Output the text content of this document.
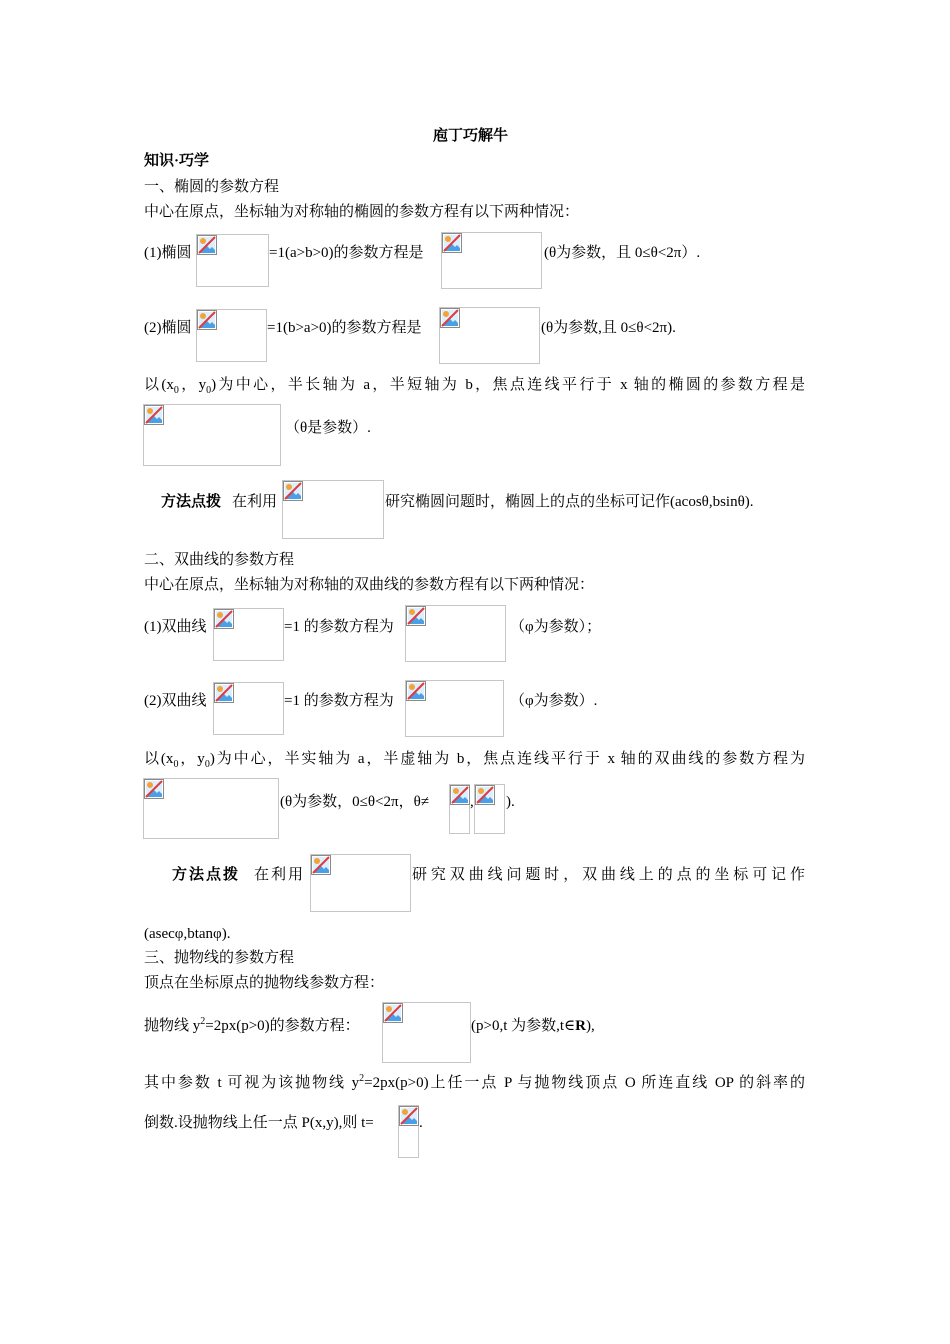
庖丁巧解牛
知识·巧学
一、椭圆的参数方程
中心在原点，坐标轴为对称轴的椭圆的参数方程有以下两种情况：
(1)椭圆	=1(a>b>0)的参数方程是	(θ为参数，且 0≤θ<2π）.
(2)椭圆	=1(b>a>0)的参数方程是	(θ为参数,且 0≤θ<2π).
以($x_0$，$y_0$)为中心，半长轴为 a，半短轴为 b，焦点连线平行于 x 轴的椭圆的参数方程是
（θ是参数）.
方法点拨 在利用	研究椭圆问题时，椭圆上的点的坐标可记作(acosθ,bsinθ).
二、双曲线的参数方程
中心在原点，坐标轴为对称轴的双曲线的参数方程有以下两种情况：
(1)双曲线	=1 的参数方程为	（φ为参数）；
(2)双曲线	=1 的参数方程为	（φ为参数）.
以($x_0$，$y_0$)为中心，半实轴为 a，半虚轴为 b，焦点连线平行于 x 轴的双曲线的参数方程为
(θ为参数，0≤θ<2π，θ≠	, ).
方法点拨 在利用	研究双曲线问题时，双曲线上的点的坐标可记作
(asecφ,btanφ).
三、抛物线的参数方程
顶点在坐标原点的抛物线参数方程：
抛物线 $y^2=2px(p>0)$的参数方程：	(p>0,t 为参数,t∈R),
其中参数 t 可视为该抛物线 $y^2=2px(p>0)$上任一点 P 与抛物线顶点 O 所连直线 OP 的斜率的
倒数.设抛物线上任一点 P(x,y),则 t=	.
